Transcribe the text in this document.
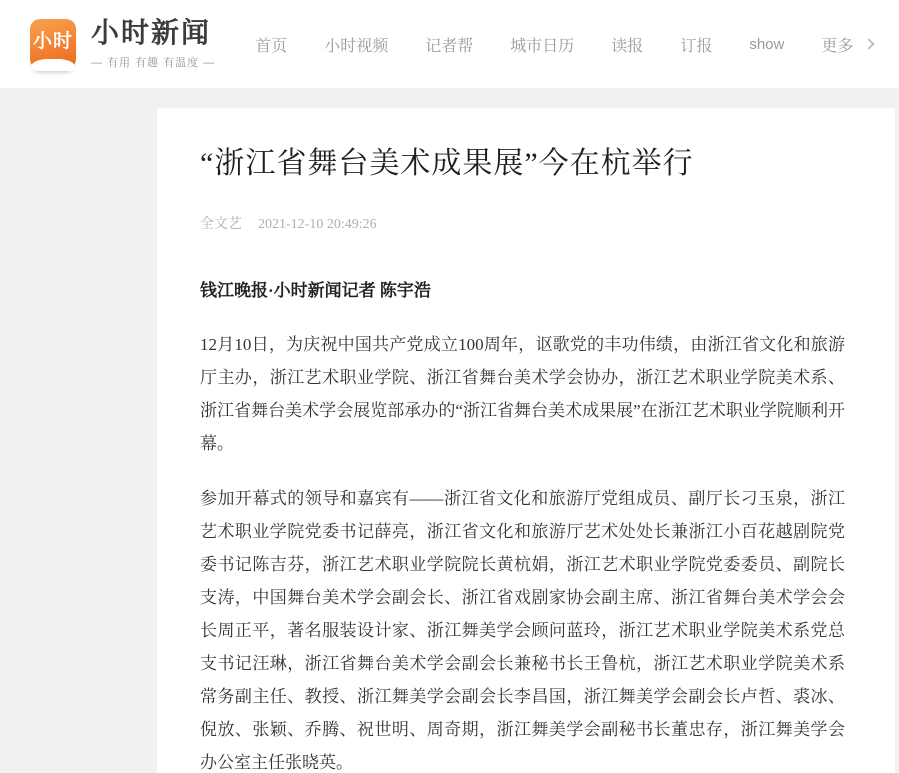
小时 小时新闻
— 有用 有趣 有温度 —
首页 小时视频 记者帮 城市日历 读报 订报 show 更多
“浙江省舞台美术成果展”今在杭举行
全文艺 2021-12-10 20:49:26

钱江晚报·小时新闻记者 陈宇浩

12月10日，为庆祝中国共产党成立100周年，讴歌党的丰功伟绩，由浙江省文化和旅游厅主办，浙江艺术职业学院、浙江省舞台美术学会协办，浙江艺术职业学院美术系、浙江省舞台美术学会展览部承办的“浙江省舞台美术成果展”在浙江艺术职业学院顺利开幕。

参加开幕式的领导和嘉宾有——浙江省文化和旅游厅党组成员、副厅长刁玉泉，浙江艺术职业学院党委书记薛亮，浙江省文化和旅游厅艺术处处长兼浙江小百花越剧院党委书记陈吉芬，浙江艺术职业学院院长黄杭娟，浙江艺术职业学院党委委员、副院长支涛，中国舞台美术学会副会长、浙江省戏剧家协会副主席、浙江省舞台美术学会会长周正平，著名服装设计家、浙江舞美学会顾问蓝玲，浙江艺术职业学院美术系党总支书记汪琳，浙江省舞台美术学会副会长兼秘书长王鲁杭，浙江艺术职业学院美术系常务副主任、教授、浙江舞美学会副会长李昌国，浙江舞美学会副会长卢哲、裘冰、倪放、张颖、乔腾、祝世明、周奇期，浙江舞美学会副秘书长董忠存，浙江舞美学会办公室主任张晓英。
